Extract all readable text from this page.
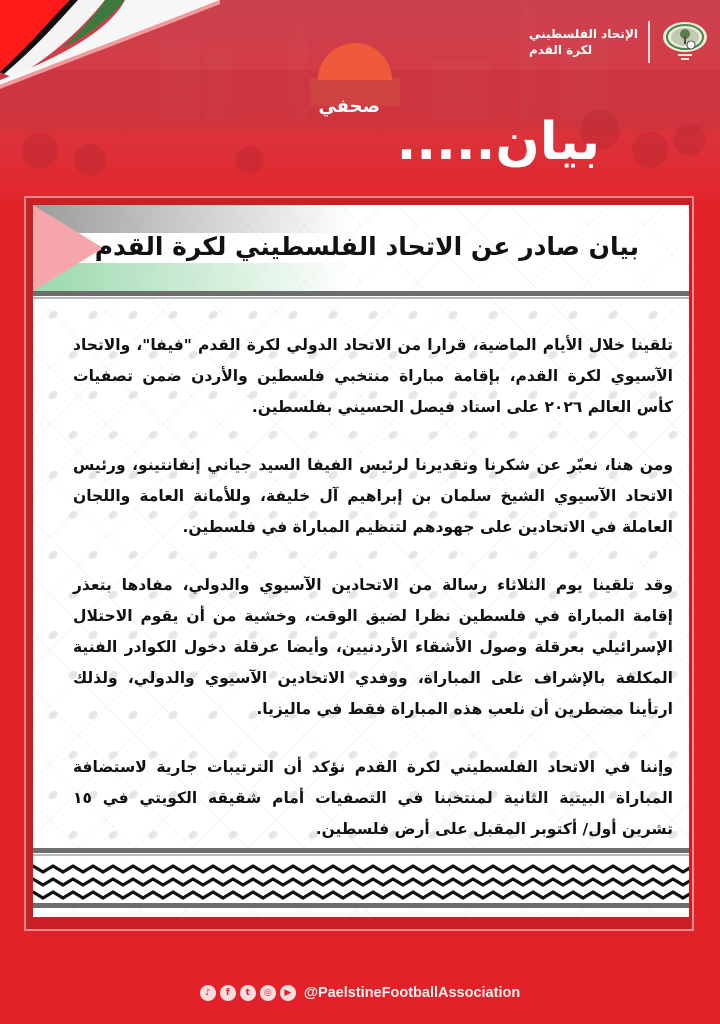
الإتحاد الفلسطيني
لكرة القدم
صحفي
بيان.....
بيان صادر عن الاتحاد الفلسطيني لكرة القدم

تلقينا خلال الأيام الماضية، قرارا من الاتحاد الدولي لكرة القدم "فيفا"، والاتحاد الآسيوي لكرة القدم، بإقامة مباراة منتخبي فلسطين والأردن ضمن تصفيات كأس العالم ٢٠٢٦ على استاد فيصل الحسيني بفلسطين.

ومن هنا، نعبّر عن شكرنا وتقديرنا لرئيس الفيفا السيد جياني إنفانتينو، ورئيس الاتحاد الآسيوي الشيخ سلمان بن إبراهيم آل خليفة، وللأمانة العامة واللجان العاملة في الاتحادين على جهودهم لتنظيم المباراة في فلسطين.

وقد تلقينا يوم الثلاثاء رسالة من الاتحادين الآسيوي والدولي، مفادها بتعذر إقامة المباراة في فلسطين نظرا لضيق الوقت، وخشية من أن يقوم الاحتلال الإسرائيلي بعرقلة وصول الأشقاء الأردنيين، وأيضا عرقلة دخول الكوادر الفنية المكلفة بالإشراف على المباراة، ووفدي الاتحادين الآسيوي والدولي، ولذلك ارتأينا مضطرين أن نلعب هذه المباراة فقط في ماليزيا.

وإننا في الاتحاد الفلسطيني لكرة القدم نؤكد أن الترتيبات جارية لاستضافة المباراة البيتية الثانية لمنتخبنا في التصفيات أمام شقيقه الكويتي في ١٥ تشرين أول/ أكتوبر المقبل على أرض فلسطين.

♪	f	t	◎	▶ @PaelstineFootballAssociation
